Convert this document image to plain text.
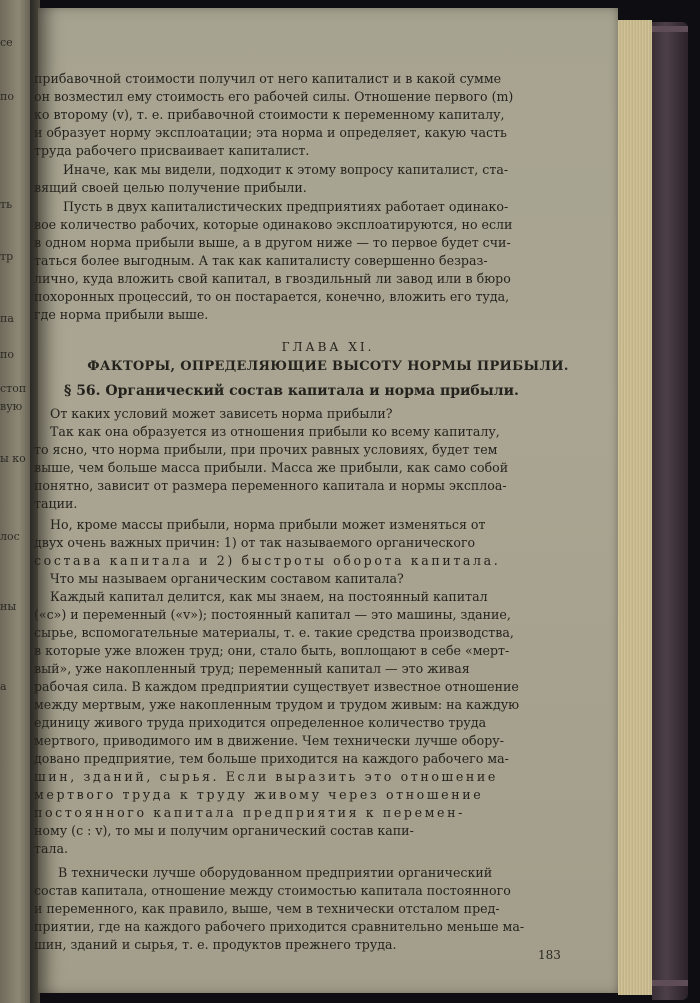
се
по
ть
тр
па
по
стоп
вую
ы ко
лос
ны
а
прибавочной стоимости получил от него капиталист и в какой сумме
он возместил ему стоимость его рабочей силы. Отношение первого (m)
ко второму (v), т. е. прибавочной стоимости к переменному капиталу,
и образует норму эксплоатации; эта норма и определяет, какую часть
труда рабочего присваивает капиталист.
Иначе, как мы видели, подходит к этому вопросу капиталист, ста-
вящий своей целью получение прибыли.
Пусть в двух капиталистических предприятиях работает одинако-
вое количество рабочих, которые одинаково эксплоатируются, но если
в одном норма прибыли выше, а в другом ниже — то первое будет счи-
таться более выгодным. А так как капиталисту совершенно безраз-
лично, куда вложить свой капитал, в гвоздильный ли завод или в бюро
похоронных процессий, то он постарается, конечно, вложить его туда,
где норма прибыли выше.
ГЛАВА XI.
ФАКТОРЫ, ОПРЕДЕЛЯЮЩИЕ ВЫСОТУ НОРМЫ ПРИБЫЛИ.
§ 56. Органический состав капитала и норма прибыли.
От каких условий может зависеть норма прибыли?
Так как она образуется из отношения прибыли ко всему капиталу,
то ясно, что норма прибыли, при прочих равных условиях, будет тем
выше, чем больше масса прибыли. Масса же прибыли, как само собой
понятно, зависит от размера переменного капитала и нормы эксплоа-
тации.
Но, кроме массы прибыли, норма прибыли может изменяться от
двух очень важных причин: 1) от так называемого органического
состава капитала и 2) быстроты оборота капитала.
Что мы называем органическим составом капитала?
Каждый капитал делится, как мы знаем, на постоянный капитал
(«с») и переменный («v»); постоянный капитал — это машины, здание,
сырье, вспомогательные материалы, т. е. такие средства производства,
в которые уже вложен труд; они, стало быть, воплощают в себе «мерт-
вый», уже накопленный труд; переменный капитал — это живая
рабочая сила. В каждом предприятии существует известное отношение
между мертвым, уже накопленным трудом и трудом живым: на каждую
единицу живого труда приходится определенное количество труда
мертвого, приводимого им в движение. Чем технически лучше обору-
довано предприятие, тем больше приходится на каждого рабочего ма-
шин, зданий, сырья. Если выразить это отношение
мертвого труда к труду живому через отношение
постоянного капитала предприятия к перемен-
ному (c : v), то мы и получим органический состав капи-
тала.
В технически лучше оборудованном предприятии органический
состав капитала, отношение между стоимостью капитала постоянного
и переменного, как правило, выше, чем в технически отсталом пред-
приятии, где на каждого рабочего приходится сравнительно меньше ма-
шин, зданий и сырья, т. е. продуктов прежнего труда.
183
